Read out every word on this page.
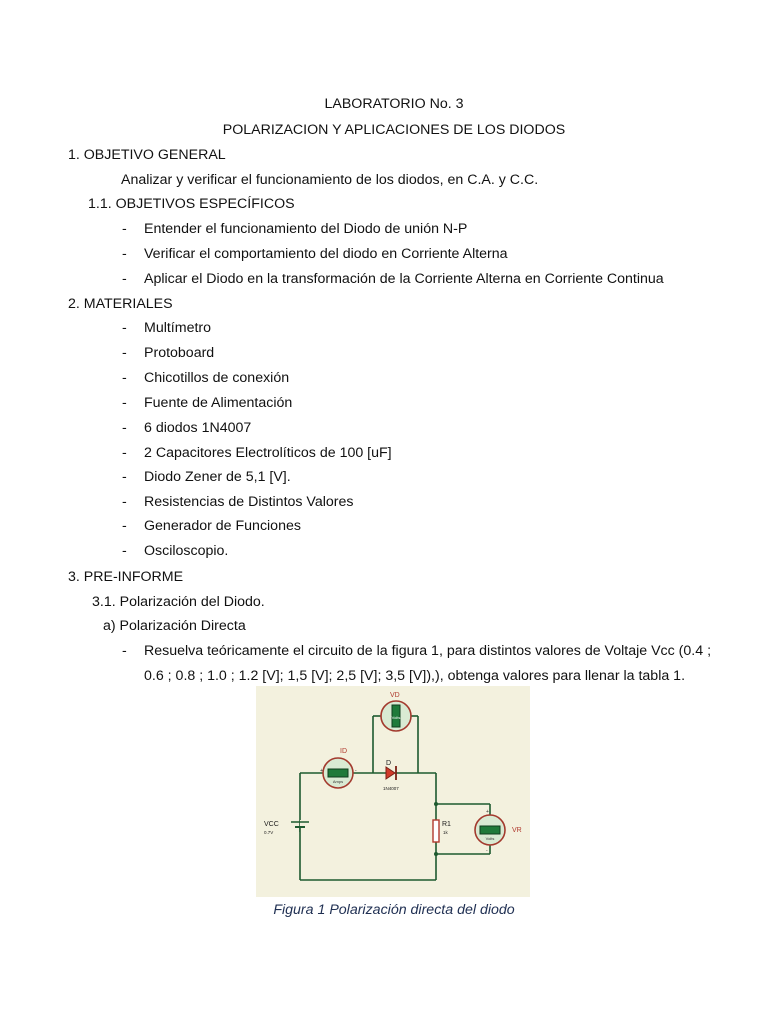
LABORATORIO No. 3
POLARIZACION Y APLICACIONES DE LOS DIODOS
1. OBJETIVO GENERAL
Analizar y verificar el funcionamiento de los diodos, en C.A. y C.C.
1.1. OBJETIVOS ESPECÍFICOS
- Entender el funcionamiento del Diodo de unión N-P
- Verificar el comportamiento del diodo en Corriente Alterna
- Aplicar el Diodo en la transformación de la Corriente Alterna en Corriente Continua
2. MATERIALES
- Multímetro
- Protoboard
- Chicotillos de conexión
- Fuente de Alimentación
- 6 diodos 1N4007
- 2 Capacitores Electrolíticos de 100 [uF]
- Diodo Zener de 5,1 [V].
- Resistencias de Distintos Valores
- Generador de Funciones
- Osciloscopio.
3. PRE-INFORME
3.1. Polarización del Diodo.
a) Polarización Directa
- Resuelva teóricamente el circuito de la figura 1, para distintos valores de Voltaje Vcc (0.4 ;
0.6 ; 0.8 ; 1.0 ; 1.2 [V]; 1,5 [V]; 2,5 [V]; 3,5 [V]),), obtenga valores para llenar la tabla 1.
Volts
Amps
Volts
VD
ID
D
1N4007
VCC
0.7V
R1
1k	VR
+	-
+
-
Figura 1 Polarización directa del diodo
